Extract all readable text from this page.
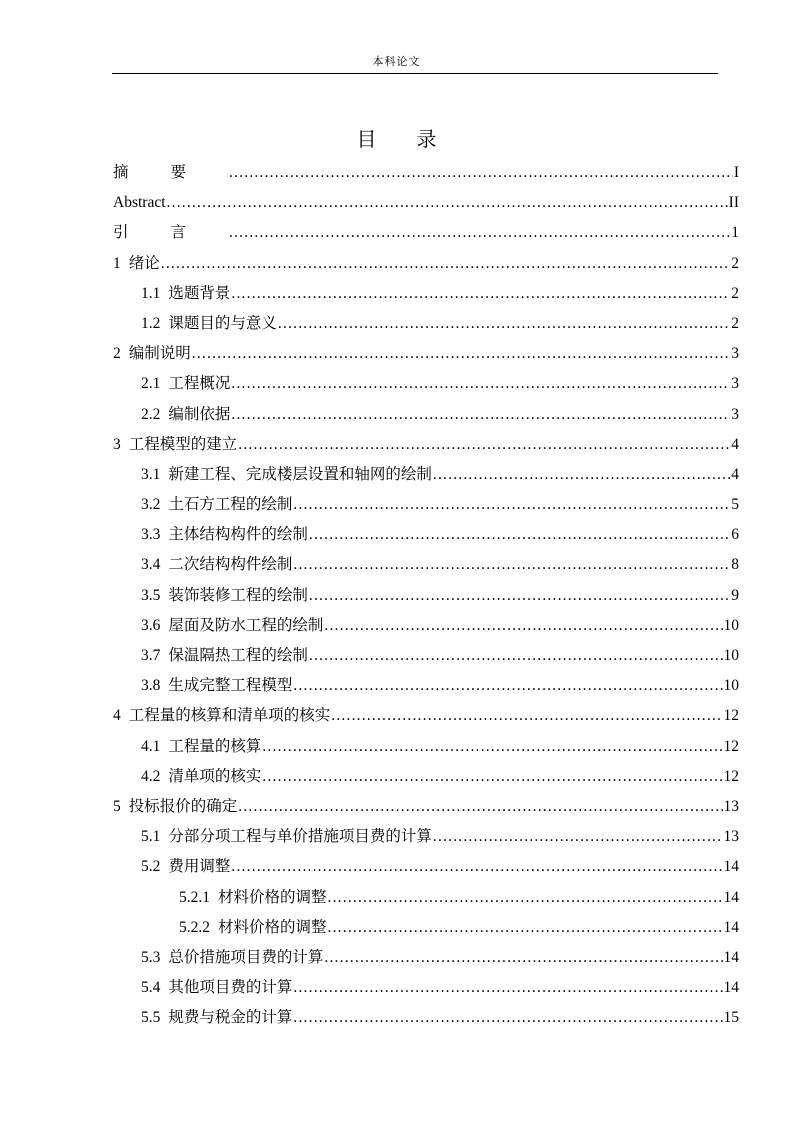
本科论文
目 录
摘要 .....	I
Abstract .....	II
引言 .....	1
1 绪论 .....	2
1.1 选题背景 .....	2
1.2 课题目的与意义 .....	2
2 编制说明 .....	3
2.1 工程概况 .....	3
2.2 编制依据 .....	3
3 工程模型的建立 .....	4
3.1 新建工程、完成楼层设置和轴网的绘制 .....	4
3.2 土石方工程的绘制 .....	5
3.3 主体结构构件的绘制 .....	6
3.4 二次结构构件绘制 .....	8
3.5 装饰装修工程的绘制 .....	9
3.6 屋面及防水工程的绘制 .....	10
3.7 保温隔热工程的绘制 .....	10
3.8 生成完整工程模型 .....	10
4 工程量的核算和清单项的核实 .....	12
4.1 工程量的核算 .....	12
4.2 清单项的核实 .....	12
5 投标报价的确定 .....	13
5.1 分部分项工程与单价措施项目费的计算 .....	13
5.2 费用调整 .....	14
5.2.1 材料价格的调整 .....	14
5.2.2 材料价格的调整 .....	14
5.3 总价措施项目费的计算 .....	14
5.4 其他项目费的计算 .....	14
5.5 规费与税金的计算 .....	15
